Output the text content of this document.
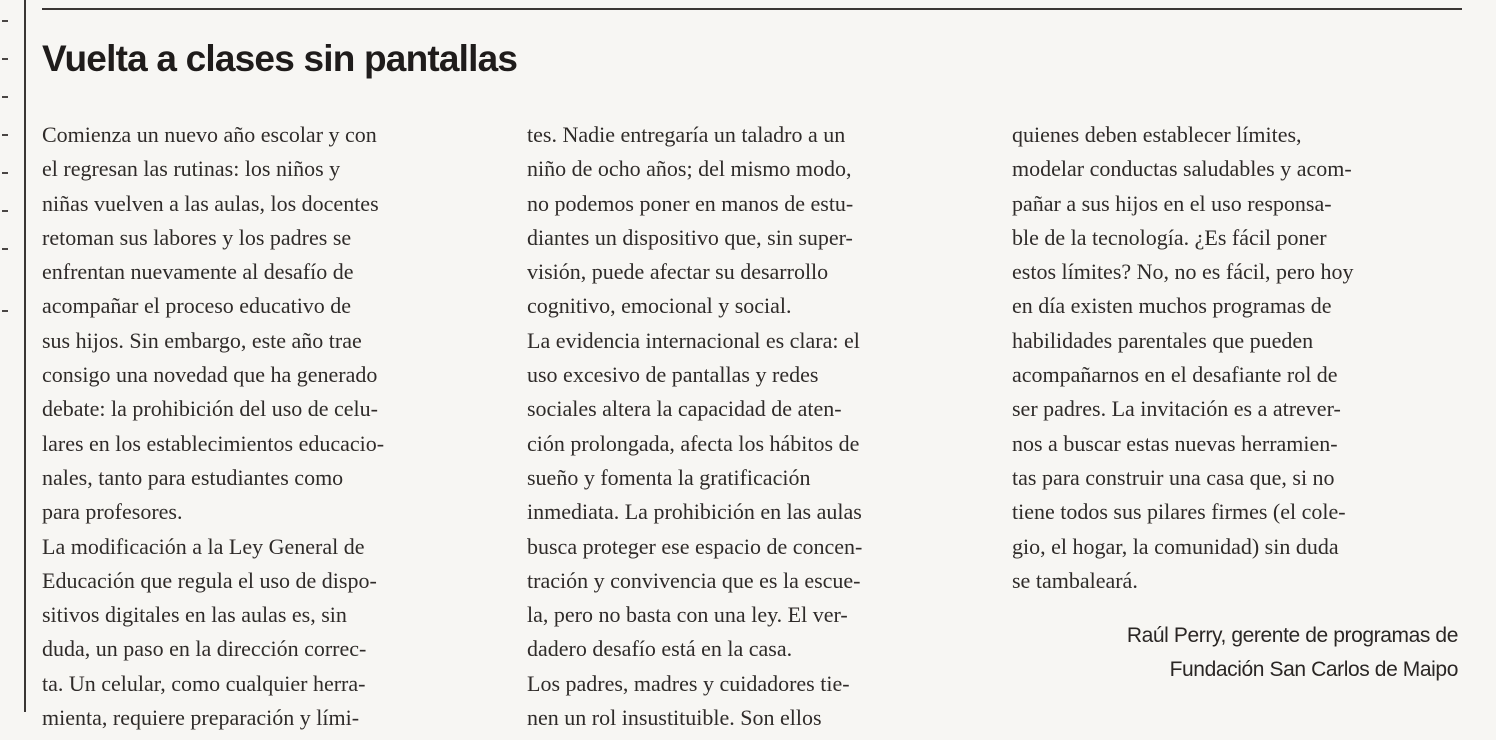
Vuelta a clases sin pantallas
Comienza un nuevo año escolar y con
el regresan las rutinas: los niños y
niñas vuelven a las aulas, los docentes
retoman sus labores y los padres se
enfrentan nuevamente al desafío de
acompañar el proceso educativo de
sus hijos. Sin embargo, este año trae
consigo una novedad que ha generado
debate: la prohibición del uso de celu-
lares en los establecimientos educacio-
nales, tanto para estudiantes como
para profesores.
La modificación a la Ley General de
Educación que regula el uso de dispo-
sitivos digitales en las aulas es, sin
duda, un paso en la dirección correc-
ta. Un celular, como cualquier herra-
mienta, requiere preparación y lími-
tes. Nadie entregaría un taladro a un
niño de ocho años; del mismo modo,
no podemos poner en manos de estu-
diantes un dispositivo que, sin super-
visión, puede afectar su desarrollo
cognitivo, emocional y social.
La evidencia internacional es clara: el
uso excesivo de pantallas y redes
sociales altera la capacidad de aten-
ción prolongada, afecta los hábitos de
sueño y fomenta la gratificación
inmediata. La prohibición en las aulas
busca proteger ese espacio de concen-
tración y convivencia que es la escue-
la, pero no basta con una ley. El ver-
dadero desafío está en la casa.
Los padres, madres y cuidadores tie-
nen un rol insustituible. Son ellos
quienes deben establecer límites,
modelar conductas saludables y acom-
pañar a sus hijos en el uso responsa-
ble de la tecnología. ¿Es fácil poner
estos límites? No, no es fácil, pero hoy
en día existen muchos programas de
habilidades parentales que pueden
acompañarnos en el desafiante rol de
ser padres. La invitación es a atrever-
nos a buscar estas nuevas herramien-
tas para construir una casa que, si no
tiene todos sus pilares firmes (el cole-
gio, el hogar, la comunidad) sin duda
se tambaleará.
Raúl Perry, gerente de programas de
Fundación San Carlos de Maipo
